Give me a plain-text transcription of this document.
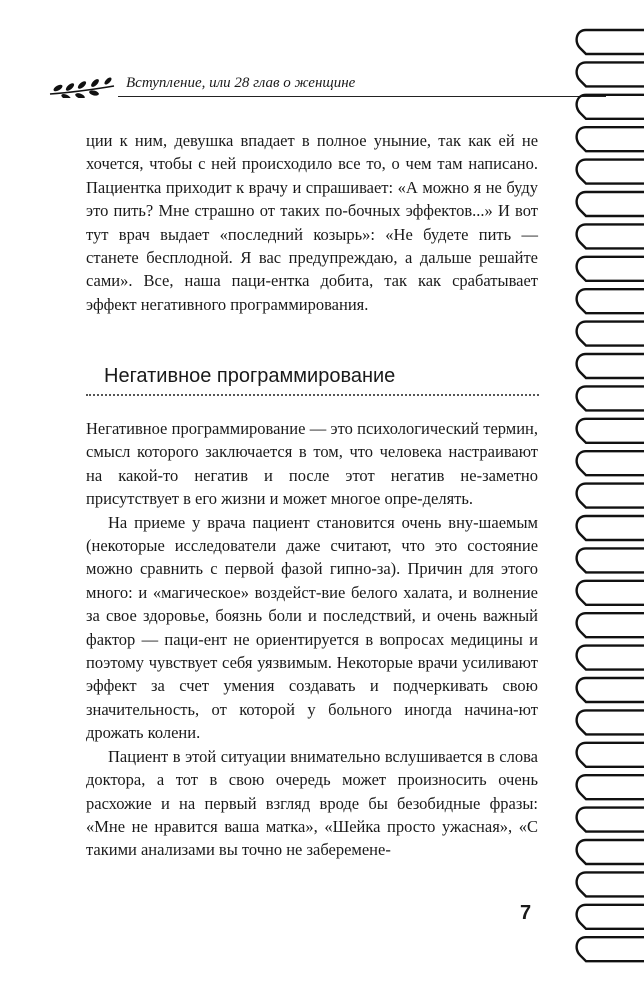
Вступление, или 28 глав о женщине

ции к ним, девушка впадает в полное уныние, так как ей не хочется, чтобы с ней происходило все то, о чем там написано. Пациентка приходит к врачу и спрашивает: «А можно я не буду это пить? Мне страшно от таких по-бочных эффектов...» И вот тут врач выдает «последний козырь»: «Не будете пить — станете бесплодной. Я вас предупреждаю, а дальше решайте сами». Все, наша паци-ентка добита, так как срабатывает эффект негативного программирования.

Негативное программирование

Негативное программирование — это психологический термин, смысл которого заключается в том, что человека настраивают на какой-то негатив и после этот негатив не-заметно присутствует в его жизни и может многое опре-делять.

На приеме у врача пациент становится очень вну-шаемым (некоторые исследователи даже считают, что это состояние можно сравнить с первой фазой гипно-за). Причин для этого много: и «магическое» воздейст-вие белого халата, и волнение за свое здоровье, боязнь боли и последствий, и очень важный фактор — паци-ент не ориентируется в вопросах медицины и поэтому чувствует себя уязвимым. Некоторые врачи усиливают эффект за счет умения создавать и подчеркивать свою значительность, от которой у больного иногда начина-ют дрожать колени.

Пациент в этой ситуации внимательно вслушивается в слова доктора, а тот в свою очередь может произносить очень расхожие и на первый взгляд вроде бы безобидные фразы: «Мне не нравится ваша матка», «Шейка просто ужасная», «С такими анализами вы точно не забеременe-

7
